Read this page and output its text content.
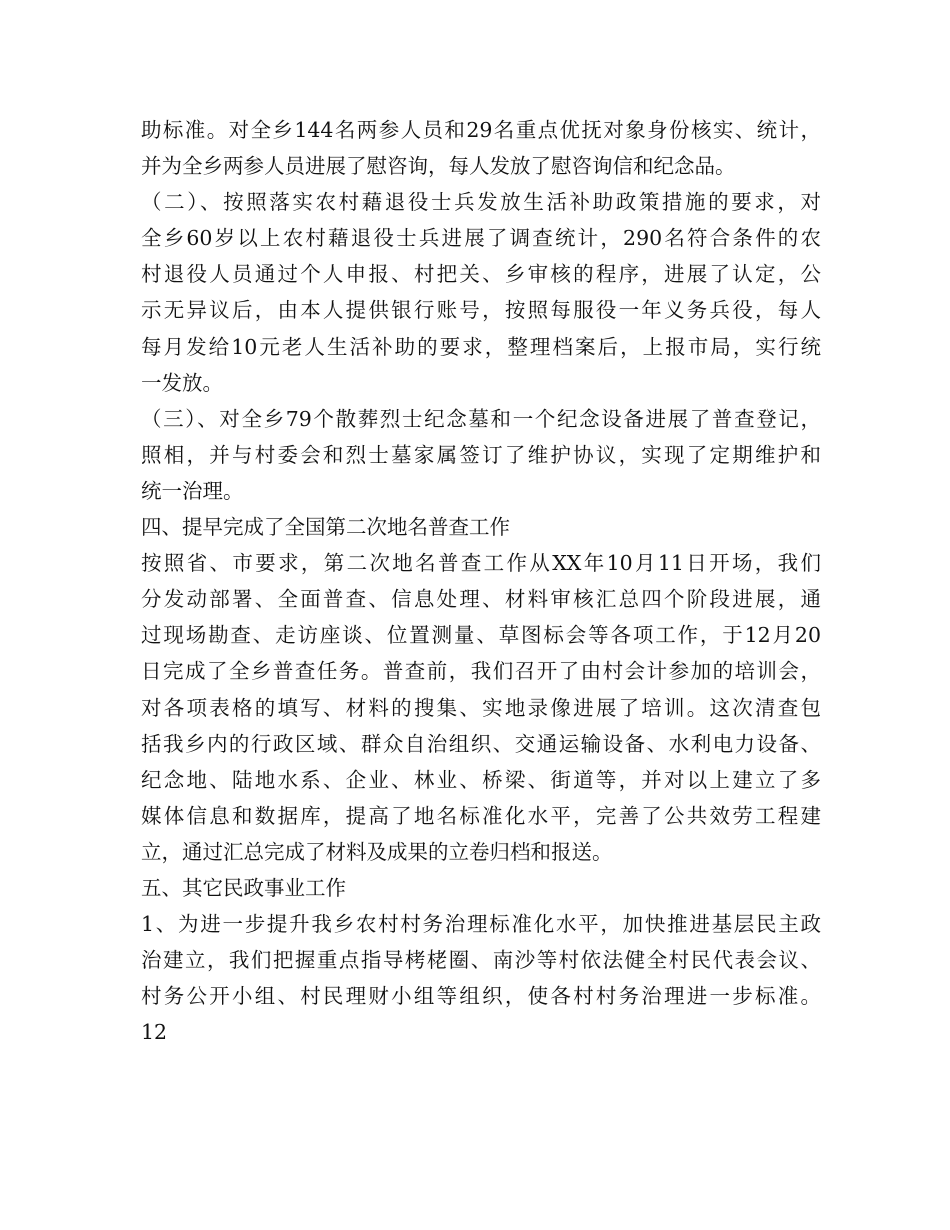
助标准。对全乡144名两参人员和29名重点优抚对象身份核实、统计，
并为全乡两参人员进展了慰咨询，每人发放了慰咨询信和纪念品。
（二）、按照落实农村藉退役士兵发放生活补助政策措施的要求，对
全乡60岁以上农村藉退役士兵进展了调查统计，290名符合条件的农
村退役人员通过个人申报、村把关、乡审核的程序，进展了认定，公
示无异议后，由本人提供银行账号，按照每服役一年义务兵役，每人
每月发给10元老人生活补助的要求，整理档案后，上报市局，实行统
一发放。
（三）、对全乡79个散葬烈士纪念墓和一个纪念设备进展了普查登记，
照相，并与村委会和烈士墓家属签订了维护协议，实现了定期维护和
统一治理。
四、提早完成了全国第二次地名普查工作
按照省、市要求，第二次地名普查工作从XX年10月11日开场，我们
分发动部署、全面普查、信息处理、材料审核汇总四个阶段进展，通
过现场勘查、走访座谈、位置测量、草图标会等各项工作，于12月20
日完成了全乡普查任务。普查前，我们召开了由村会计参加的培训会，
对各项表格的填写、材料的搜集、实地录像进展了培训。这次清查包
括我乡内的行政区域、群众自治组织、交通运输设备、水利电力设备、
纪念地、陆地水系、企业、林业、桥梁、街道等，并对以上建立了多
媒体信息和数据库，提高了地名标准化水平，完善了公共效劳工程建
立，通过汇总完成了材料及成果的立卷归档和报送。
五、其它民政事业工作
1、为进一步提升我乡农村村务治理标准化水平，加快推进基层民主政
治建立，我们把握重点指导栲栳圈、南沙等村依法健全村民代表会议、
村务公开小组、村民理财小组等组织，使各村村务治理进一步标准。
12
